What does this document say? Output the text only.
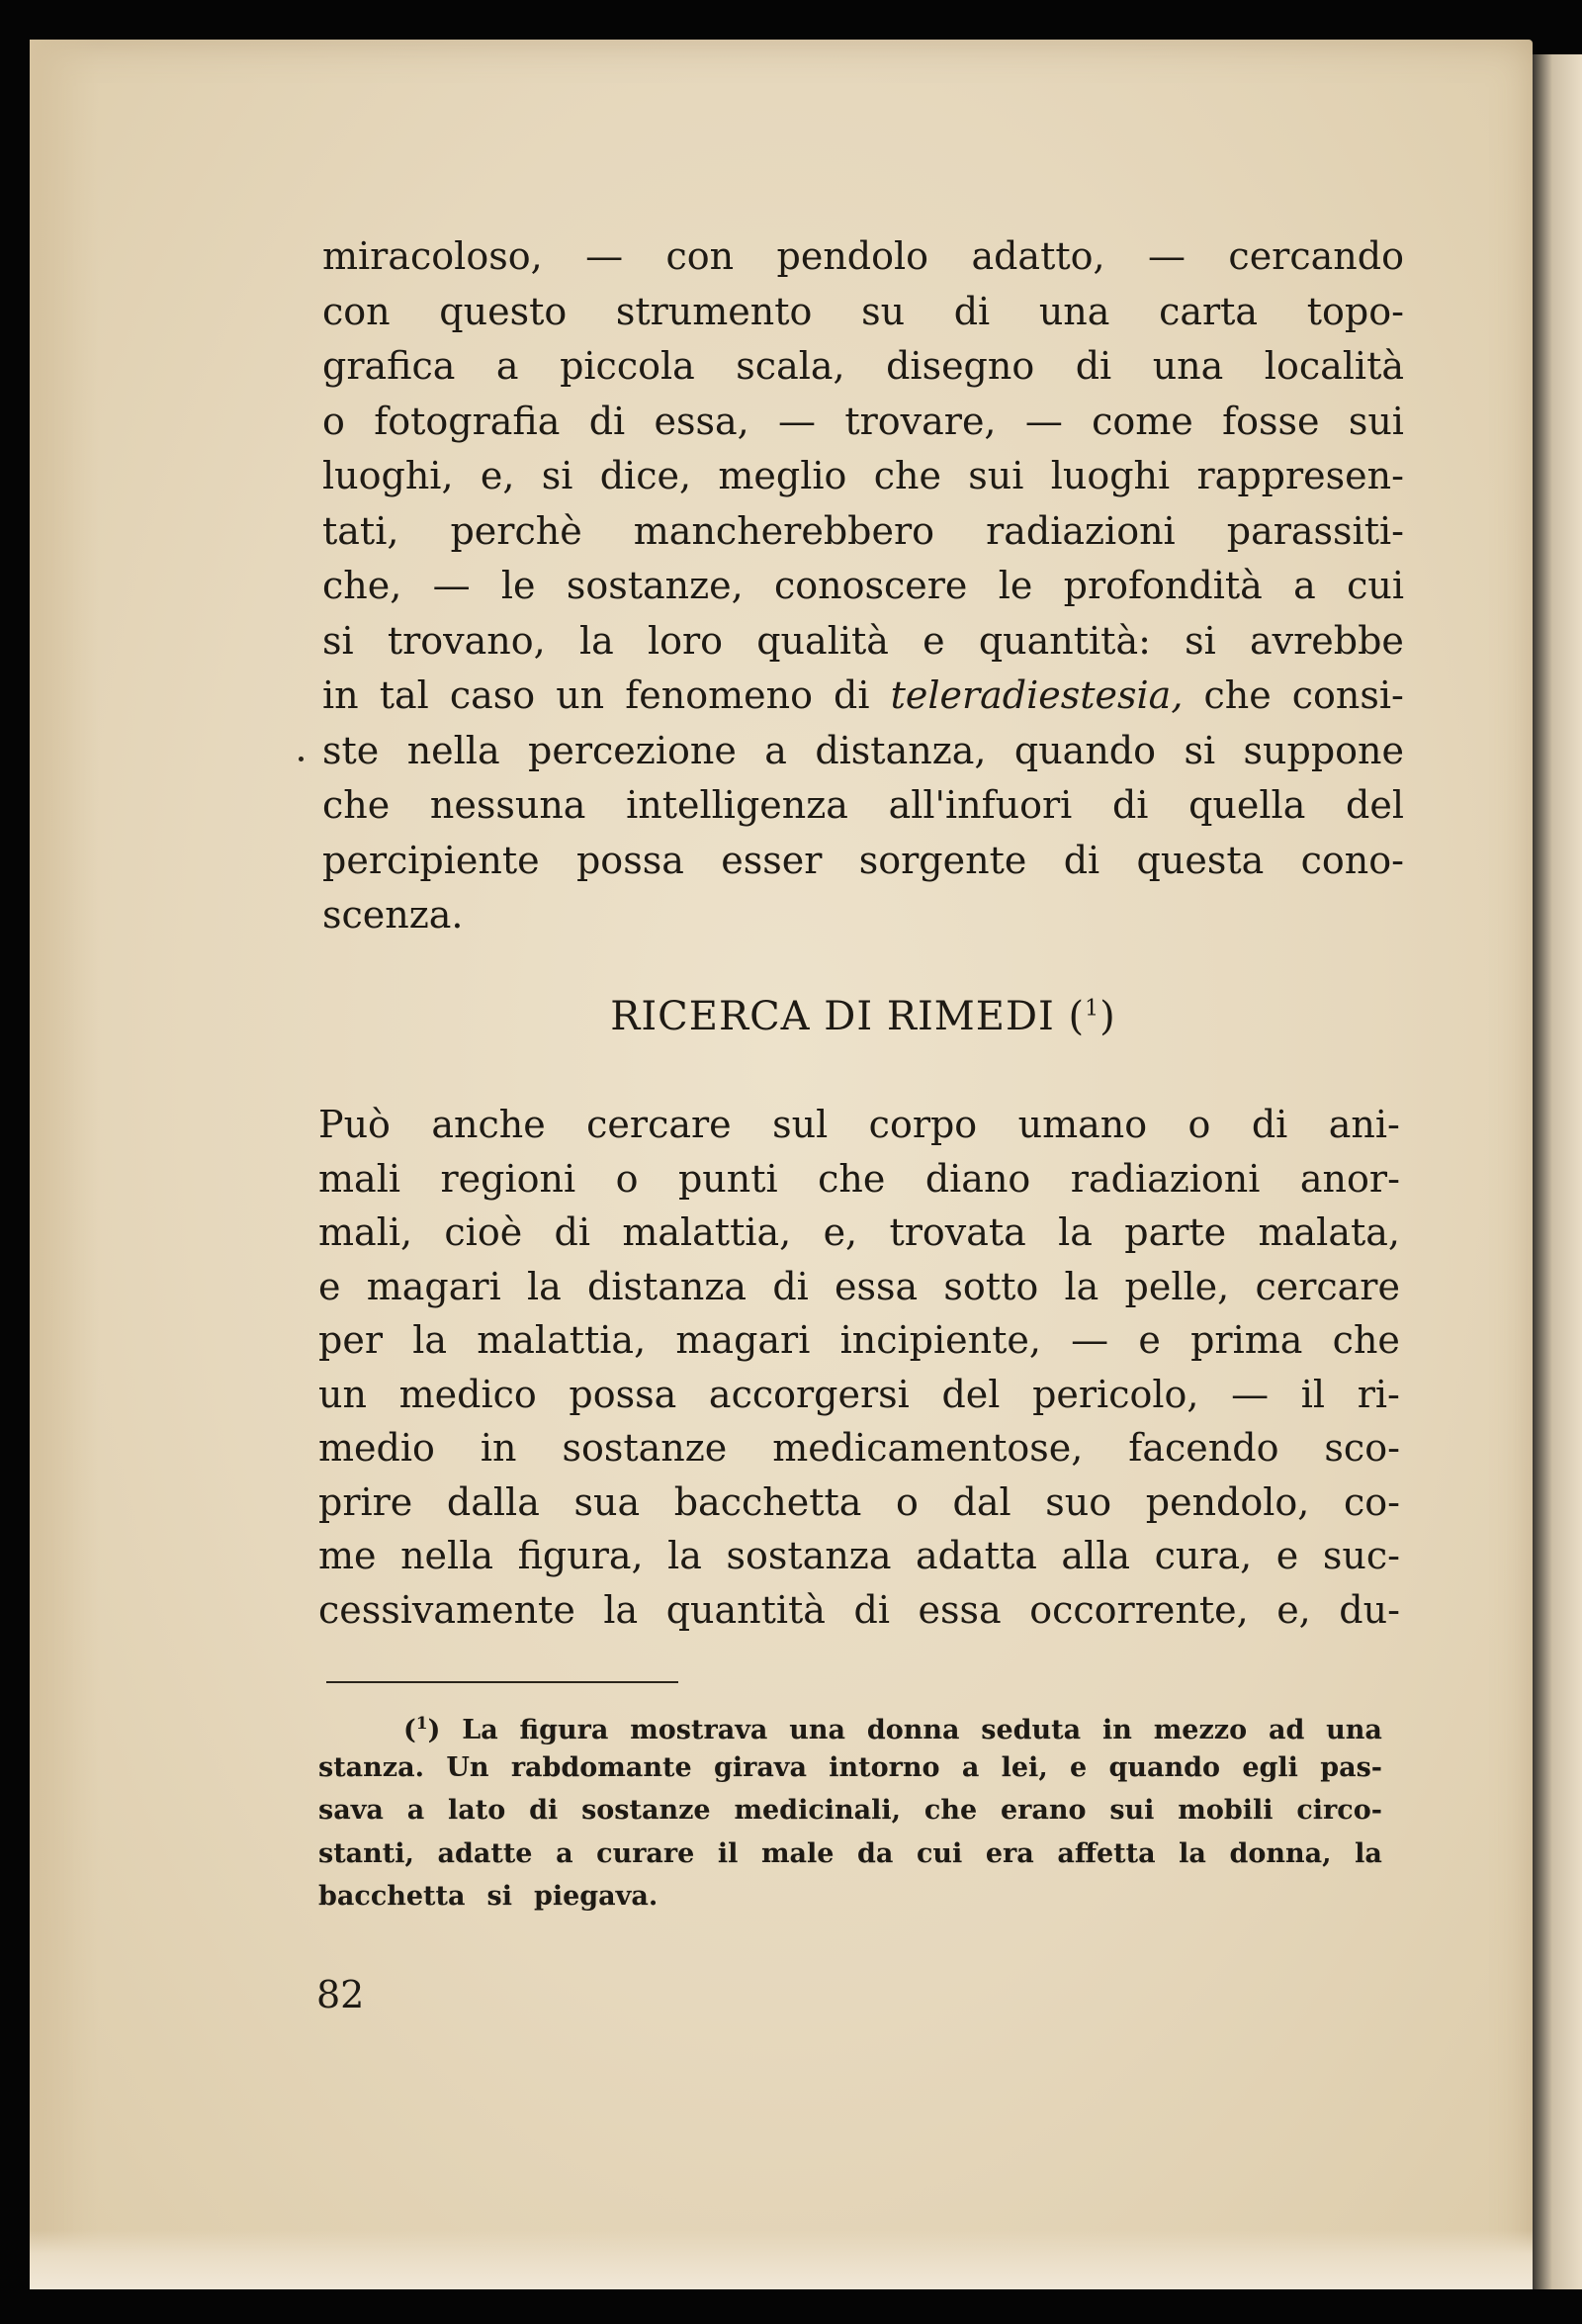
miracoloso, — con pendolo adatto, — cercando
con questo strumento su di una carta topo-
grafica a piccola scala, disegno di una località
o fotografia di essa, — trovare, — come fosse sui
luoghi, e, si dice, meglio che sui luoghi rappresen-
tati, perchè mancherebbero radiazioni parassiti-
che, — le sostanze, conoscere le profondità a cui
si trovano, la loro qualità e quantità: si avrebbe
in tal caso un fenomeno di teleradiestesia, che consi-
ste nella percezione a distanza, quando si suppone
che nessuna intelligenza all'infuori di quella del
percipiente possa esser sorgente di questa cono-
scenza.
RICERCA DI RIMEDI ($^1$)
Può anche cercare sul corpo umano o di ani-
mali regioni o punti che diano radiazioni anor-
mali, cioè di malattia, e, trovata la parte malata,
e magari la distanza di essa sotto la pelle, cercare
per la malattia, magari incipiente, — e prima che
un medico possa accorgersi del pericolo, — il ri-
medio in sostanze medicamentose, facendo sco-
prire dalla sua bacchetta o dal suo pendolo, co-
me nella figura, la sostanza adatta alla cura, e suc-
cessivamente la quantità di essa occorrente, e, du-
($^1$) La figura mostrava una donna seduta in mezzo ad una
stanza. Un rabdomante girava intorno a lei, e quando egli pas-
sava a lato di sostanze medicinali, che erano sui mobili circo-
stanti, adatte a curare il male da cui era affetta la donna, la
bacchetta si piegava.
82
